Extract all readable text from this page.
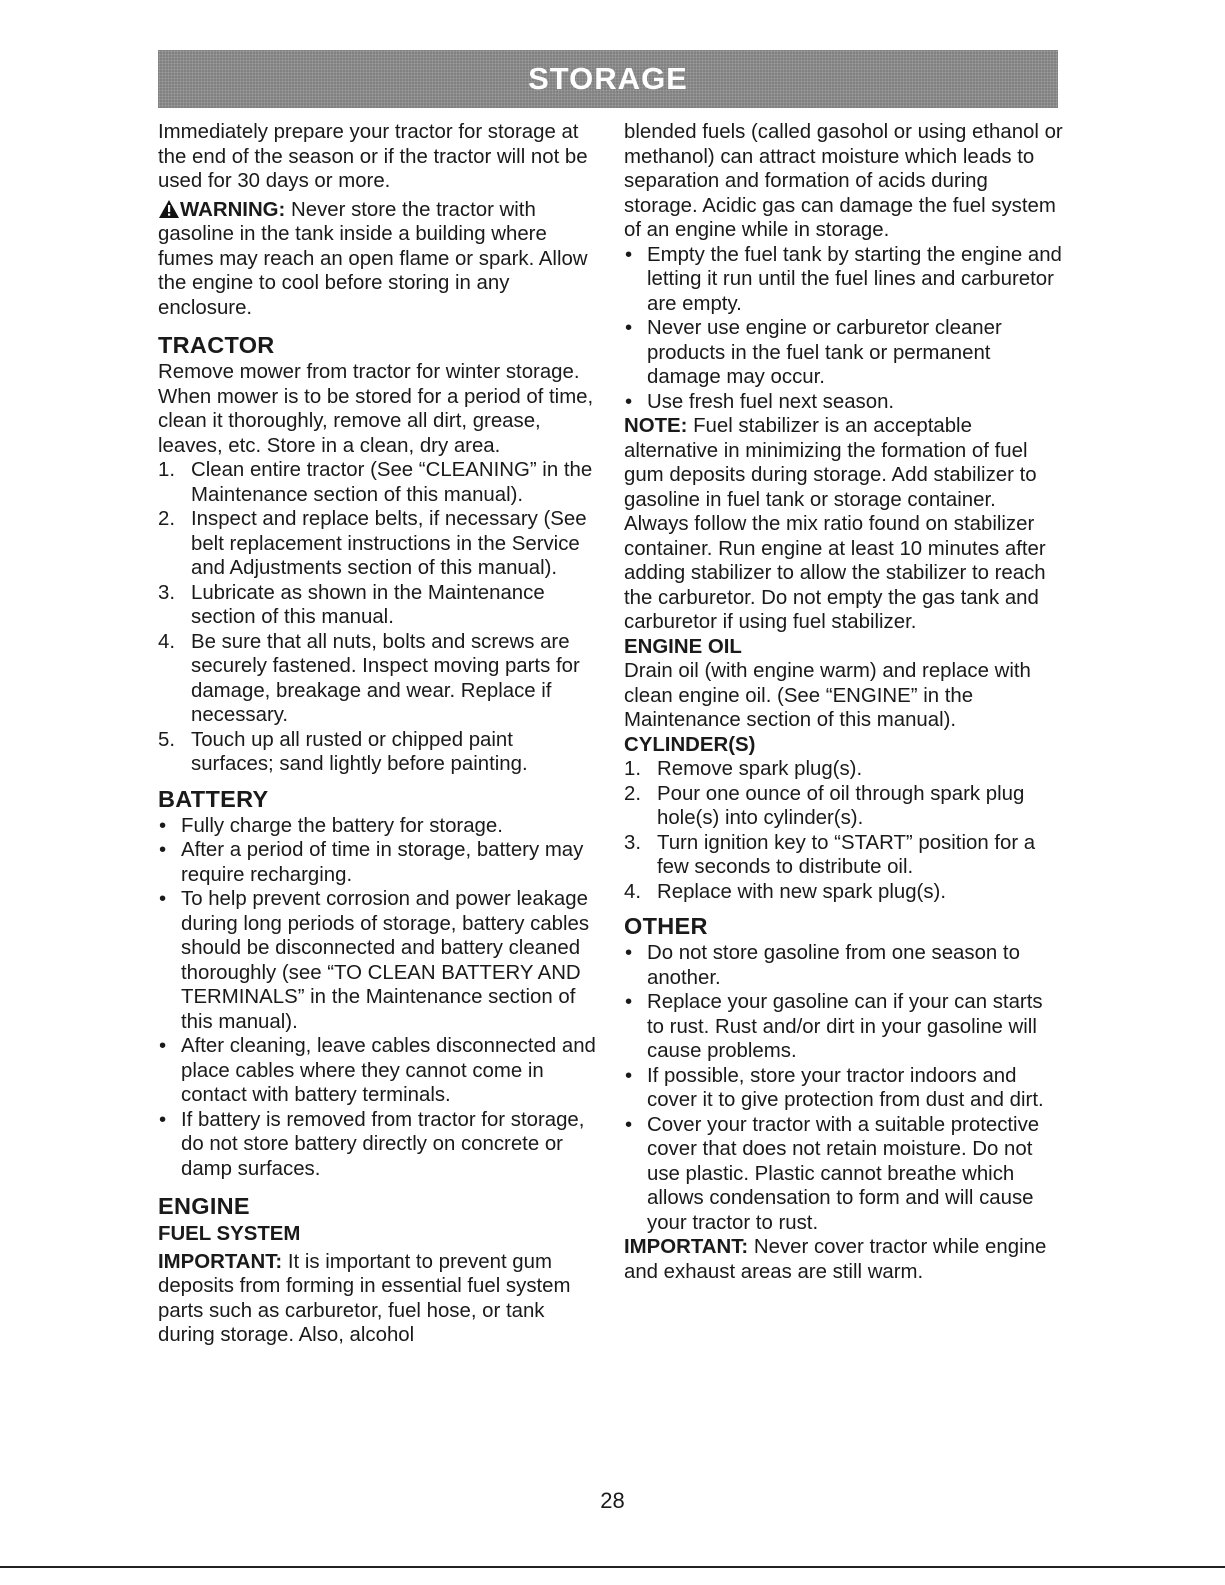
STORAGE

Immediately prepare your tractor for storage at the end of the season or if the tractor will not be used for 30 days or more.

WARNING: Never store the tractor with gasoline in the tank inside a building where fumes may reach an open flame or spark. Allow the engine to cool before storing in any enclosure.

TRACTOR

Remove mower from tractor for winter storage. When mower is to be stored for a period of time, clean it thoroughly, remove all dirt, grease, leaves, etc. Store in a clean, dry area.

1. Clean entire tractor (See “CLEANING” in the Maintenance section of this manual).
2. Inspect and replace belts, if necessary (See belt replacement instructions in the Service and Adjustments section of this manual).
3. Lubricate as shown in the Maintenance section of this manual.
4. Be sure that all nuts, bolts and screws are securely fastened. Inspect moving parts for damage, breakage and wear. Replace if necessary.
5. Touch up all rusted or chipped paint surfaces; sand lightly before painting.
BATTERY
• Fully charge the battery for storage.
• After a period of time in storage, battery may require recharging.
• To help prevent corrosion and power leakage during long periods of storage, battery cables should be disconnected and battery cleaned thoroughly (see “TO CLEAN BATTERY AND TERMINALS” in the Maintenance section of this manual).
• After cleaning, leave cables disconnected and place cables where they cannot come in contact with battery terminals.
• If battery is removed from tractor for storage, do not store battery directly on concrete or damp surfaces.
ENGINE
FUEL SYSTEM

IMPORTANT: It is important to prevent gum deposits from forming in essential fuel system parts such as carburetor, fuel hose, or tank during storage. Also, alcohol

blended fuels (called gasohol or using ethanol or methanol) can attract moisture which leads to separation and formation of acids during storage. Acidic gas can damage the fuel system of an engine while in storage.

• Empty the fuel tank by starting the engine and letting it run until the fuel lines and carburetor are empty.
• Never use engine or carburetor cleaner products in the fuel tank or permanent damage may occur.
• Use fresh fuel next season.

NOTE: Fuel stabilizer is an acceptable alternative in minimizing the formation of fuel gum deposits during storage. Add stabilizer to gasoline in fuel tank or storage container. Always follow the mix ratio found on stabilizer container. Run engine at least 10 minutes after adding stabilizer to allow the stabilizer to reach the carburetor. Do not empty the gas tank and carburetor if using fuel stabilizer.

ENGINE OIL

Drain oil (with engine warm) and replace with clean engine oil. (See “ENGINE” in the Maintenance section of this manual).

CYLINDER(S)
1. Remove spark plug(s).
2. Pour one ounce of oil through spark plug hole(s) into cylinder(s).
3. Turn ignition key to “START” position for a few seconds to distribute oil.
4. Replace with new spark plug(s).
OTHER
• Do not store gasoline from one season to another.
• Replace your gasoline can if your can starts to rust. Rust and/or dirt in your gasoline will cause problems.
• If possible, store your tractor indoors and cover it to give protection from dust and dirt.
• Cover your tractor with a suitable protective cover that does not retain moisture. Do not use plastic. Plastic cannot breathe which allows condensation to form and will cause your tractor to rust.

IMPORTANT: Never cover tractor while engine and exhaust areas are still warm.

28
